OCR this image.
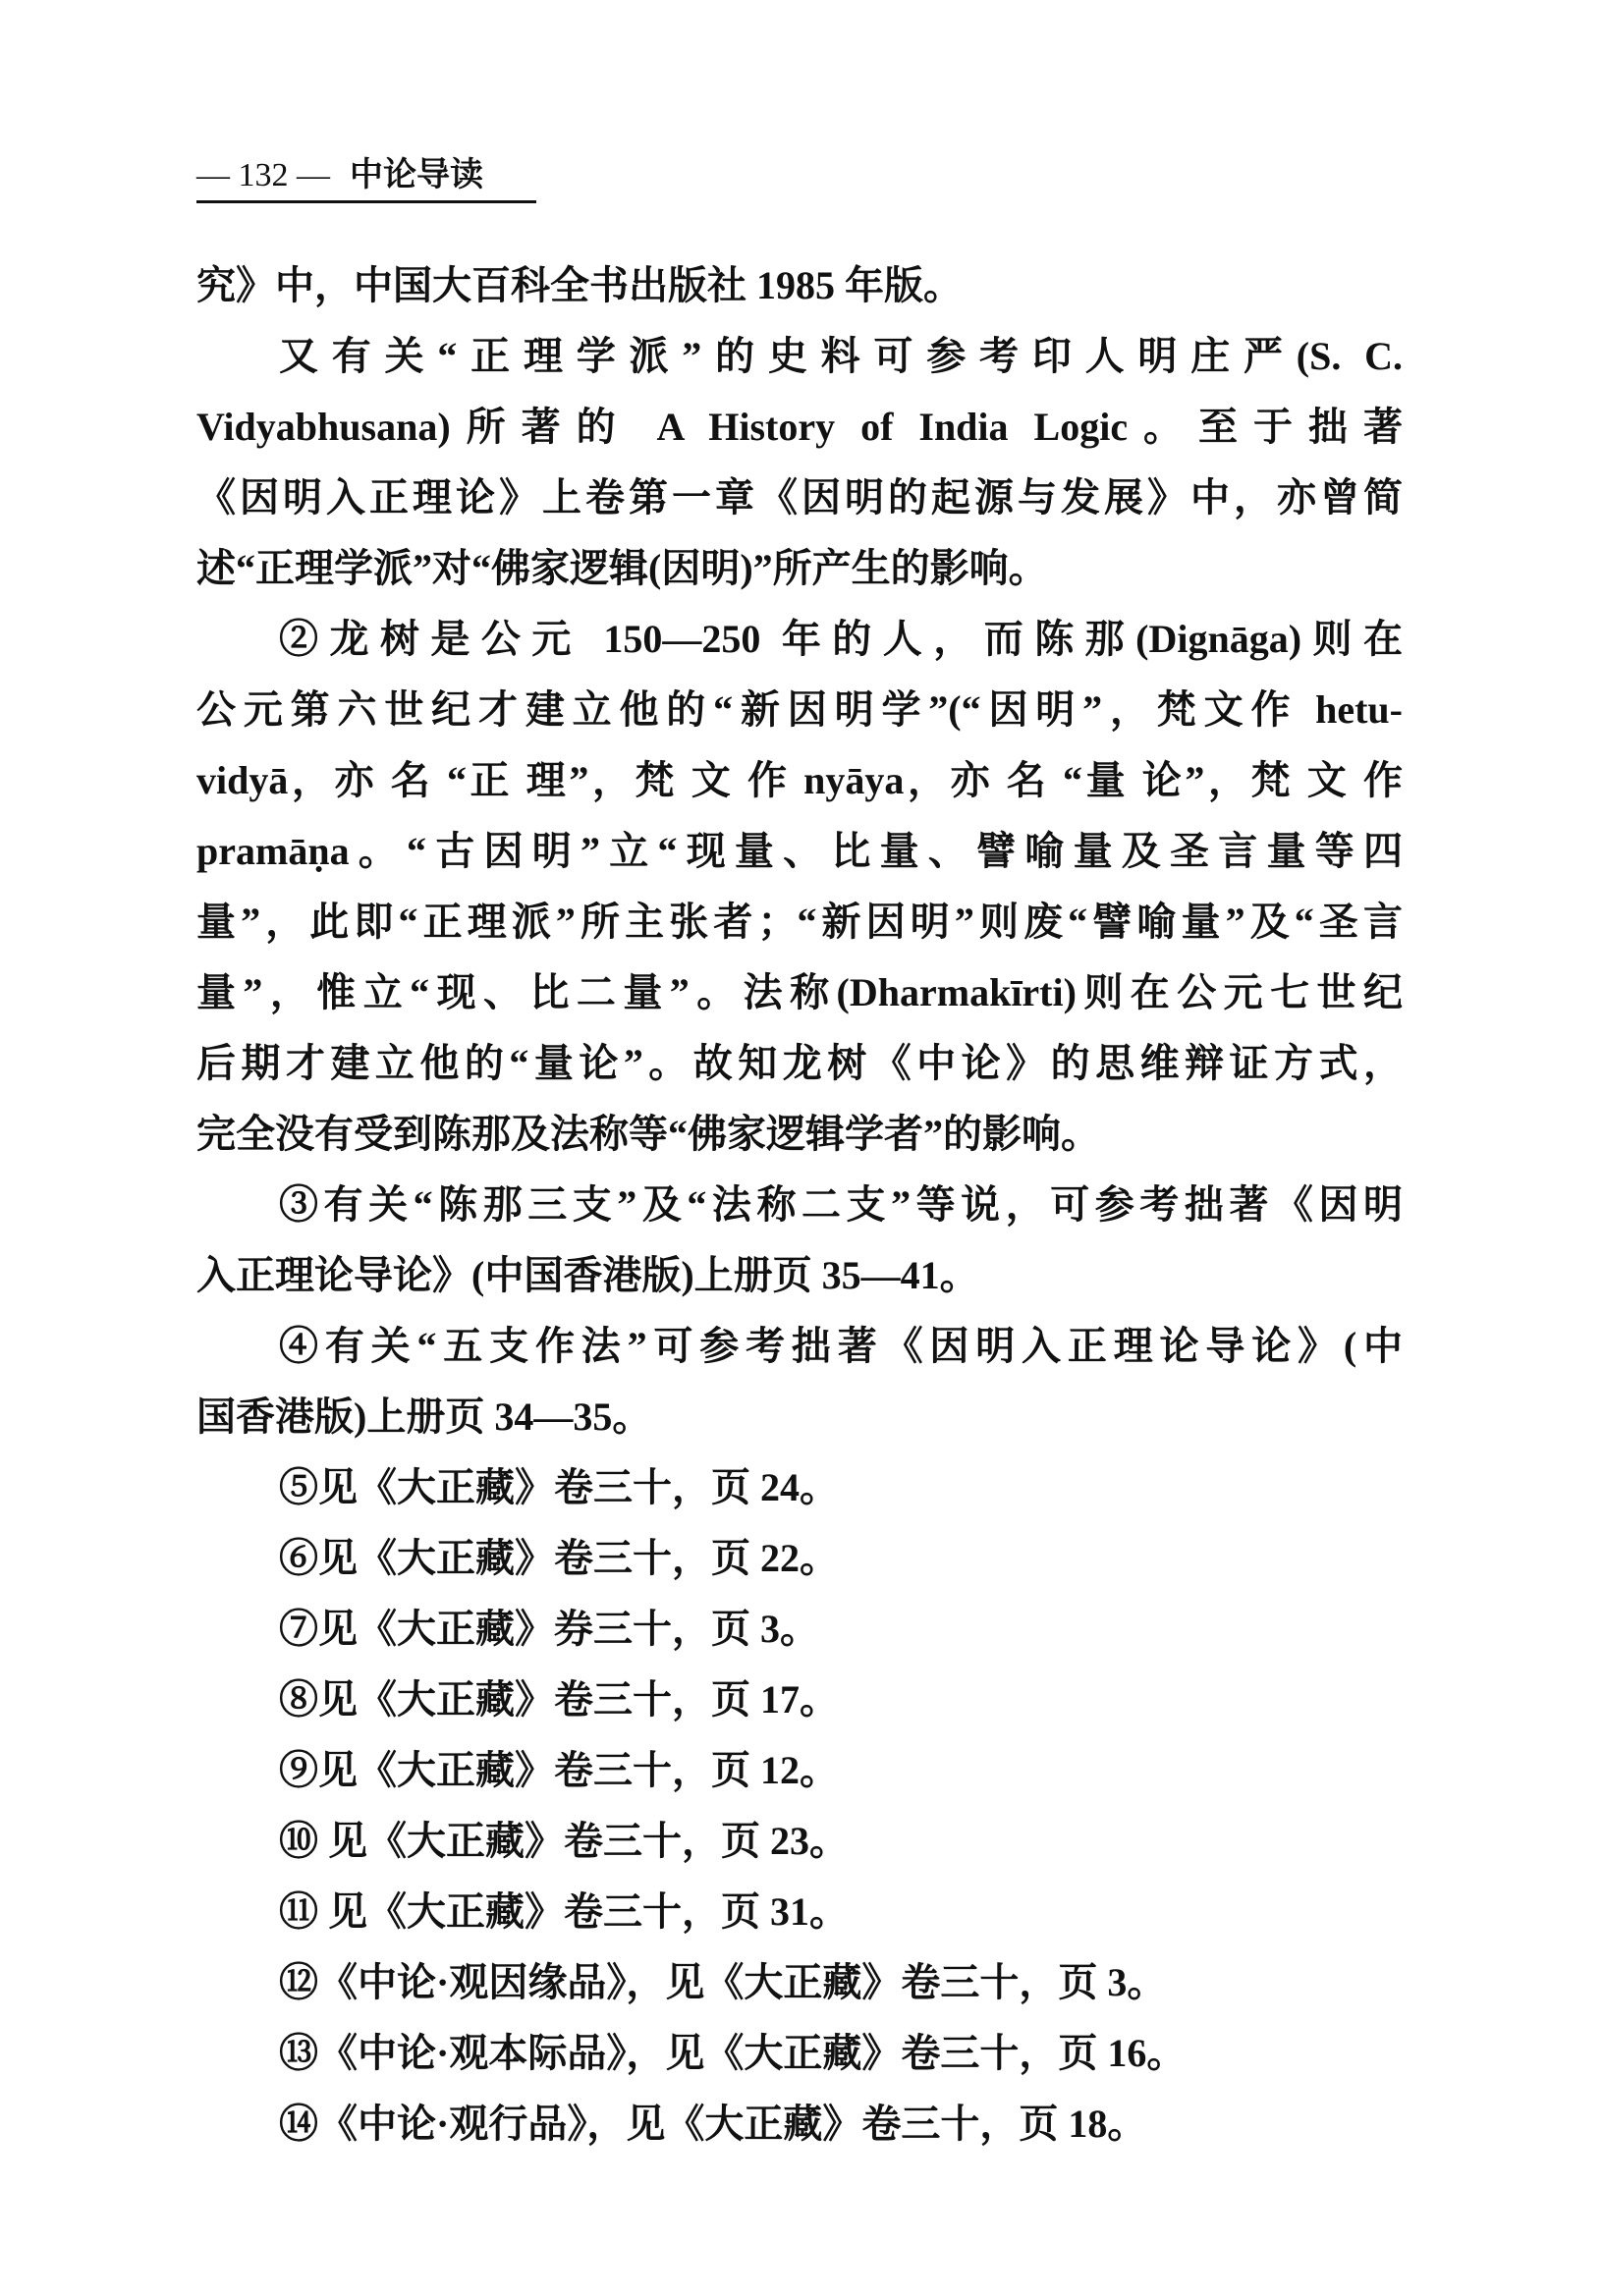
— 132 — 中论导读
究》中，中国大百科全书出版社 1985 年版。
又有关“正理学派”的史料可参考印人明庄严(S. C.
Vidyabhusana)所著的 A History of India Logic。至于拙著
《因明入正理论》上卷第一章《因明的起源与发展》中，亦曾简
述“正理学派”对“佛家逻辑(因明)”所产生的影响。
②龙树是公元 150—250 年的人，而陈那(Dignāga)则在
公元第六世纪才建立他的“新因明学”(“因明”，梵文作 hetu-
vidyā，亦 名 “正 理”，梵 文 作 nyāya，亦 名 “量 论”，梵 文 作
pramāṇa。“古因明”立“现量、比量、譬喻量及圣言量等四
量”，此即“正理派”所主张者；“新因明”则废“譬喻量”及“圣言
量”，惟立“现、比二量”。法称(Dharmakīrti)则在公元七世纪
后期才建立他的“量论”。故知龙树《中论》的思维辩证方式，
完全没有受到陈那及法称等“佛家逻辑学者”的影响。
③有关“陈那三支”及“法称二支”等说，可参考拙著《因明
入正理论导论》(中国香港版)上册页 35—41。
④有关“五支作法”可参考拙著《因明入正理论导论》(中
国香港版)上册页 34—35。
⑤见《大正藏》卷三十，页 24。
⑥见《大正藏》卷三十，页 22。
⑦见《大正藏》券三十，页 3。
⑧见《大正藏》卷三十，页 17。
⑨见《大正藏》卷三十，页 12。
⑩ 见《大正藏》卷三十，页 23。
⑪ 见《大正藏》卷三十，页 31。
⑫《中论·观因缘品》，见《大正藏》卷三十，页 3。
⑬《中论·观本际品》，见《大正藏》卷三十，页 16。
⑭《中论·观行品》，见《大正藏》卷三十，页 18。
